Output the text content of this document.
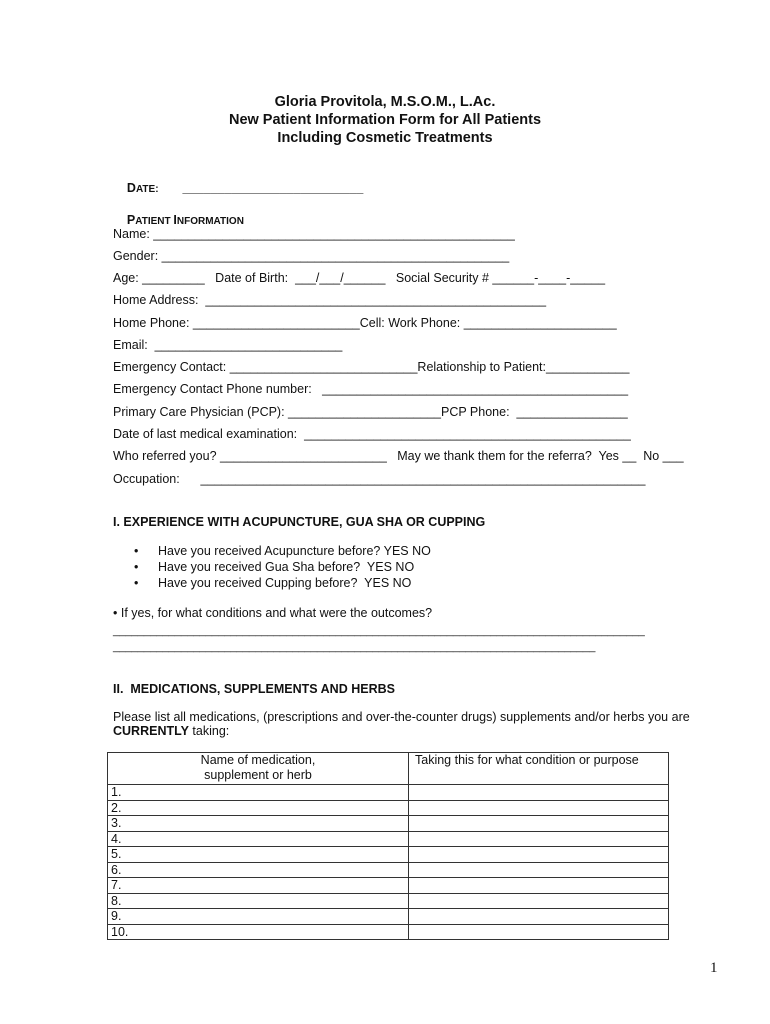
Gloria Provitola, M.S.O.M., L.Ac.
New Patient Information Form for All Patients
Including Cosmetic Treatments

DATE: __________________________

PATIENT INFORMATION

Name: ____________________________________________________
Gender: __________________________________________________
Age: _________   Date of Birth:  ___/___/______   Social Security # ______-____-_____
Home Address:  _________________________________________________
Home Phone: ________________________Cell: Work Phone: ______________________
Email:  ___________________________
Emergency Contact: ___________________________Relationship to Patient:____________
Emergency Contact Phone number:   ____________________________________________
Primary Care Physician (PCP): ______________________PCP Phone:  ________________
Date of last medical examination:  _______________________________________________
Who referred you? ________________________   May we thank them for the referra?  Yes __  No ___
Occupation:      ________________________________________________________________
I. EXPERIENCE WITH ACUPUNCTURE, GUA SHA OR CUPPING
• Have you received Acupuncture before? YES NO
• Have you received Gua Sha before?  YES NO
• Have you received Cupping before?  YES NO
• If yes, for what conditions and what were the outcomes?
______________________________________________________________________________________
______________________________________________________________________________
II.  MEDICATIONS, SUPPLEMENTS AND HERBS
Please list all medications, (prescriptions and over-the-counter drugs) supplements and/or herbs you are
CURRENTLY taking:
Name of medication,
supplement or herb	Taking this for what condition or purpose
1.	
2.	
3.	
4.	
5.	
6.	
7.	
8.	
9.	
10.	
1
